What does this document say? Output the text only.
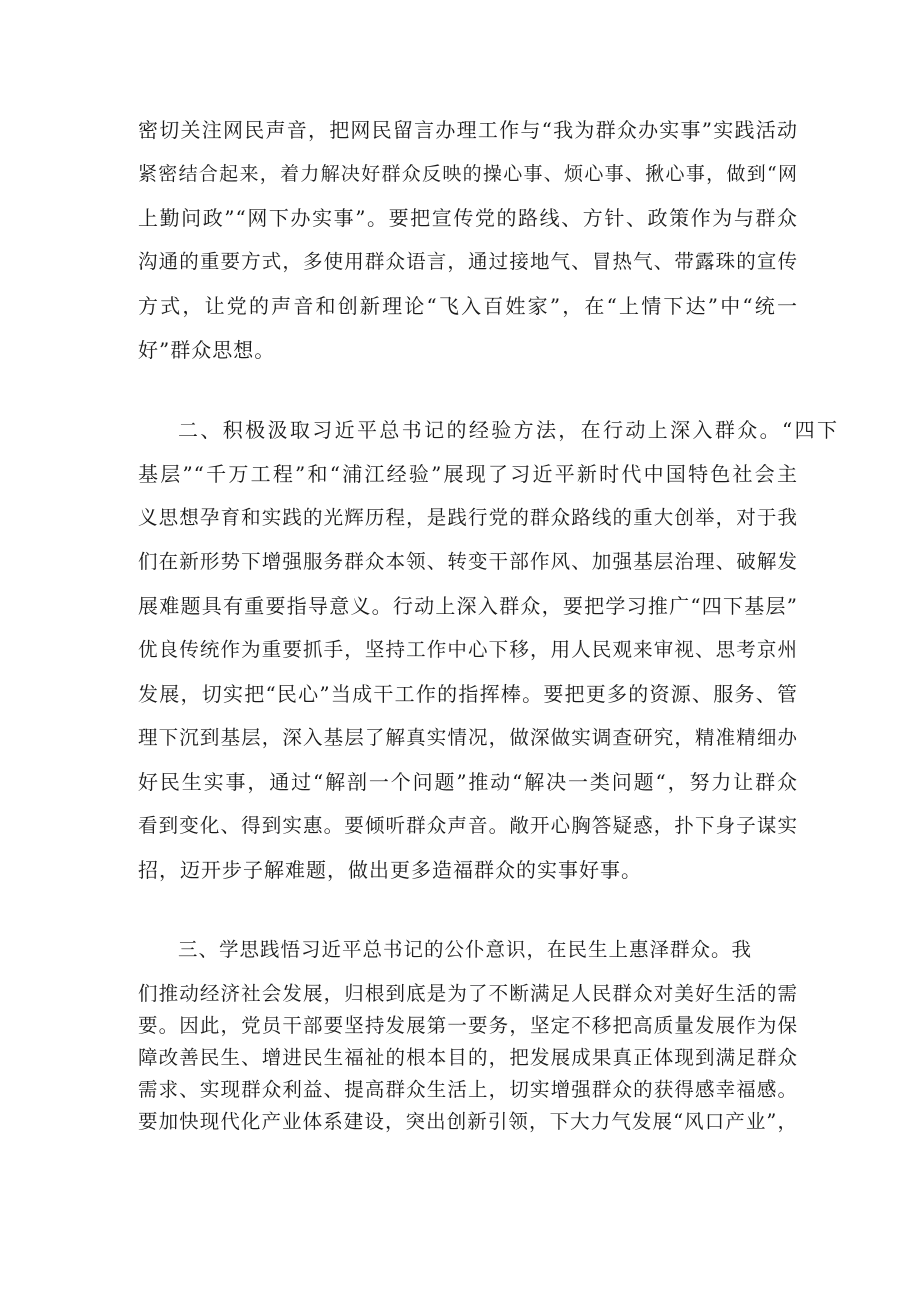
密切关注网民声音，把网民留言办理工作与“我为群众办实事”实践活动
紧密结合起来，着力解决好群众反映的操心事、烦心事、揪心事，做到“网
上勤问政”“网下办实事”。要把宣传党的路线、方针、政策作为与群众
沟通的重要方式，多使用群众语言，通过接地气、冒热气、带露珠的宣传
方式，让党的声音和创新理论“飞入百姓家”，在“上情下达”中“统一
好”群众思想。
二、积极汲取习近平总书记的经验方法，在行动上深入群众。“四下
基层”“千万工程”和“浦江经验”展现了习近平新时代中国特色社会主
义思想孕育和实践的光辉历程，是践行党的群众路线的重大创举，对于我
们在新形势下增强服务群众本领、转变干部作风、加强基层治理、破解发
展难题具有重要指导意义。行动上深入群众，要把学习推广“四下基层”
优良传统作为重要抓手，坚持工作中心下移，用人民观来审视、思考京州
发展，切实把“民心”当成干工作的指挥棒。要把更多的资源、服务、管
理下沉到基层，深入基层了解真实情况，做深做实调查研究，精准精细办
好民生实事，通过“解剖一个问题”推动“解决一类问题“，努力让群众
看到变化、得到实惠。要倾听群众声音。敞开心胸答疑惑，扑下身子谋实
招，迈开步子解难题，做出更多造福群众的实事好事。
三、学思践悟习近平总书记的公仆意识，在民生上惠泽群众。我
们推动经济社会发展，归根到底是为了不断满足人民群众对美好生活的需
要。因此，党员干部要坚持发展第一要务，坚定不移把高质量发展作为保
障改善民生、增进民生福祉的根本目的，把发展成果真正体现到满足群众
需求、实现群众利益、提高群众生活上，切实增强群众的获得感幸福感。
要加快现代化产业体系建设，突出创新引领，下大力气发展“风口产业”，
